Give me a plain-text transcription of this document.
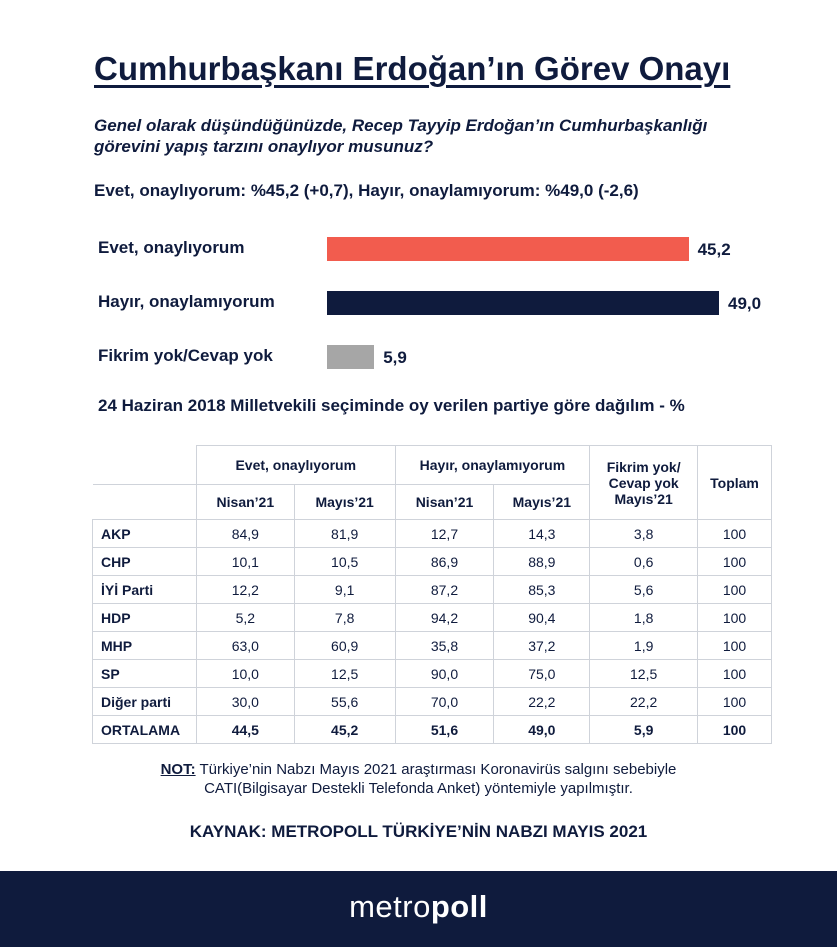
Cumhurbaşkanı Erdoğan’ın Görev Onayı

Genel olarak düşündüğünüzde, Recep Tayyip Erdoğan’ın Cumhurbaşkanlığı
görevini yapış tarzını onaylıyor musunuz?

Evet, onaylıyorum: %45,2 (+0,7), Hayır, onaylamıyorum: %49,0 (-2,6)

Evet, onaylıyorum	45,2
Hayır, onaylamıyorum	49,0
Fikrim yok/Cevap yok	5,9

24 Haziran 2018 Milletvekili seçiminde oy verilen partiye göre dağılım - %

	Evet, onaylıyorum		Hayır, onaylamıyorum		Fikrim yok/ Cevap yok Mayıs’21	Toplam
	Nisan’21	Mayıs’21	Nisan’21	Mayıs’21		
AKP	84,9	81,9	12,7	14,3	3,8	100
CHP	10,1	10,5	86,9	88,9	0,6	100
İYİ Parti	12,2	9,1	87,2	85,3	5,6	100
HDP	5,2	7,8	94,2	90,4	1,8	100
MHP	63,0	60,9	35,8	37,2	1,9	100
SP	10,0	12,5	90,0	75,0	12,5	100
Diğer parti	30,0	55,6	70,0	22,2	22,2	100
ORTALAMA	44,5	45,2	51,6	49,0	5,9	100
NOT: Türkiye’nin Nabzı Mayıs 2021 araştırması Koronavirüs salgını sebebiyle
CATI(Bilgisayar Destekli Telefonda Anket) yöntemiyle yapılmıştır.
KAYNAK: METROPOLL TÜRKİYE’NİN NABZI MAYIS 2021
metropoll
